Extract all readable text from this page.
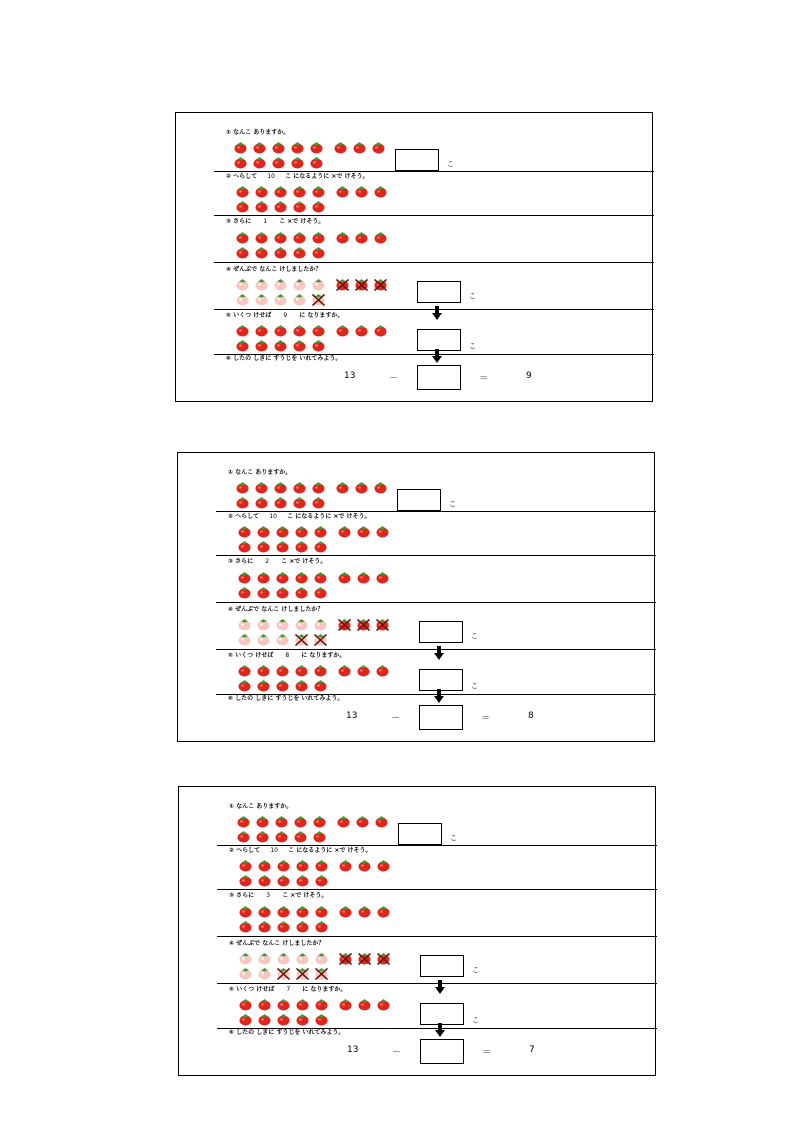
① なんこ ありますか。
こ
② へらして 10 こ になるように ×で けそう。
③ さらに 1 こ ×で けそう。
④ ぜんぶで なんこ けしましたか？
こ
⑤ いくつ けせば 9 に なりますか。
こ
⑥ したの しきに すうじを いれてみよう。
13	－	＝	9
① なんこ ありますか。
こ
② へらして 10 こ になるように ×で けそう。
③ さらに 2 こ ×で けそう。
④ ぜんぶで なんこ けしましたか？
こ
⑤ いくつ けせば 8 に なりますか。
こ
⑥ したの しきに すうじを いれてみよう。
13	－	＝	8
① なんこ ありますか。
こ
② へらして 10 こ になるように ×で けそう。
③ さらに 3 こ ×で けそう。
④ ぜんぶで なんこ けしましたか？
こ
⑤ いくつ けせば 7 に なりますか。
こ
⑥ したの しきに すうじを いれてみよう。
13	－	＝	7
